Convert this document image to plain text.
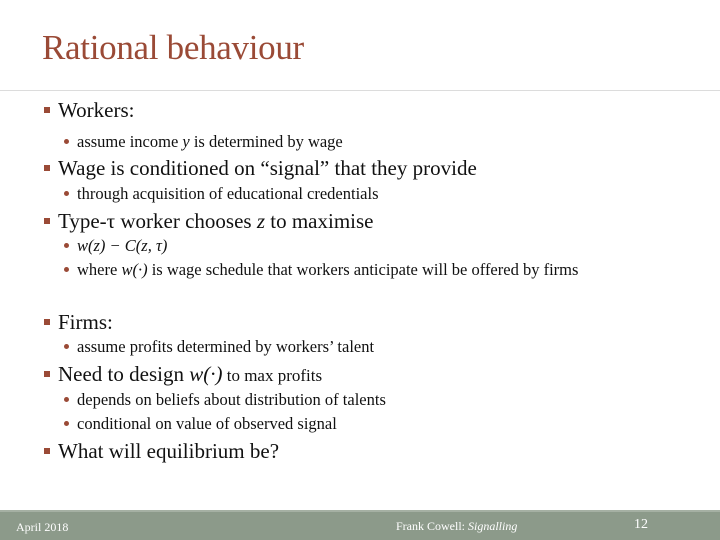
Rational behaviour
Workers:
assume income y is determined by wage
Wage is conditioned on “signal” that they provide
through acquisition of educational credentials
Type-τ worker chooses z to maximise
w(z) − C(z, τ)
where w(·) is wage schedule that workers anticipate will be offered by firms
Firms:
assume profits determined by workers’ talent
Need to design w(·) to max profits
depends on beliefs about distribution of talents
conditional on value of observed signal
What will equilibrium be?
April 2018	Frank Cowell: Signalling	12
